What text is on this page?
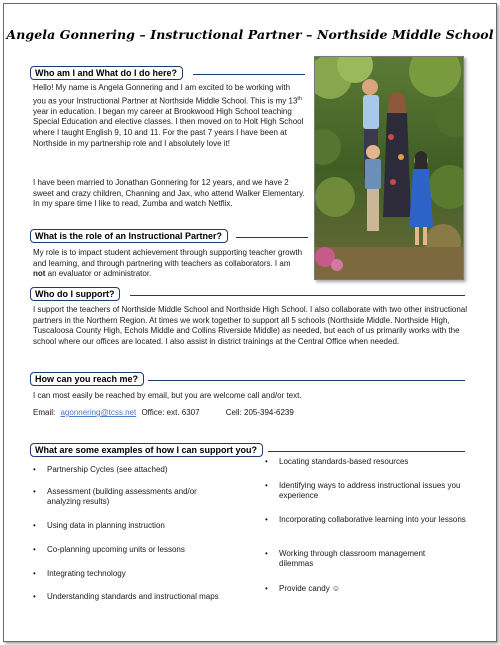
Angela Gonnering – Instructional Partner – Northside Middle School
Who am I and What do I do here?
Hello! My name is Angela Gonnering and I am excited to be working with you as your Instructional Partner at Northside Middle School. This is my 13th year in education. I began my career at Brookwood High School teaching Special Education and elective classes. I then moved on to Holt High School where I taught English 9, 10 and 11. For the past 7 years I have been at Northside in my partnership role and I absolutely love it!
I have been married to Jonathan Gonnering for 12 years, and we have 2 sweet and crazy children, Channing and Jax, who attend Walker Elementary. In my spare time I like to read, Zumba and watch Netflix.
What is the role of an Instructional Partner?
My role is to impact student achievement through supporting teacher growth and learning, and through partnering with teachers as collaborators. I am not an evaluator or administrator.
Who do I support?
I support the teachers of Northside Middle School and Northside High School. I also collaborate with two other instructional partners in the Northern Region. At times we work together to support all 5 schools (Northside Middle. Northside High, Tuscaloosa County High, Echols Middle and Collins Riverside Middle) as needed, but each of us primarily works with the school where our offices are located. I also assist in district trainings at the Central Office when needed.
How can you reach me?
I can most easily be reached by email, but you are welcome call and/or text.
Email: agonnering@tcss.net Office: ext. 6307	Cell: 205-394-6239
What are some examples of how I can support you?
•	Partnership Cycles (see attached)
•	Assessment (building assessments and/or analyzing results)
•	Using data in planning instruction
•	Co-planning upcoming units or lessons
•	Integrating technology
•	Understanding standards and instructional maps
•	Locating standards-based resources
•	Identifying ways to address instructional issues you experience
•	Incorporating collaborative learning into your lessons
•	Working through classroom management dilemmas
•	Provide candy ☺
